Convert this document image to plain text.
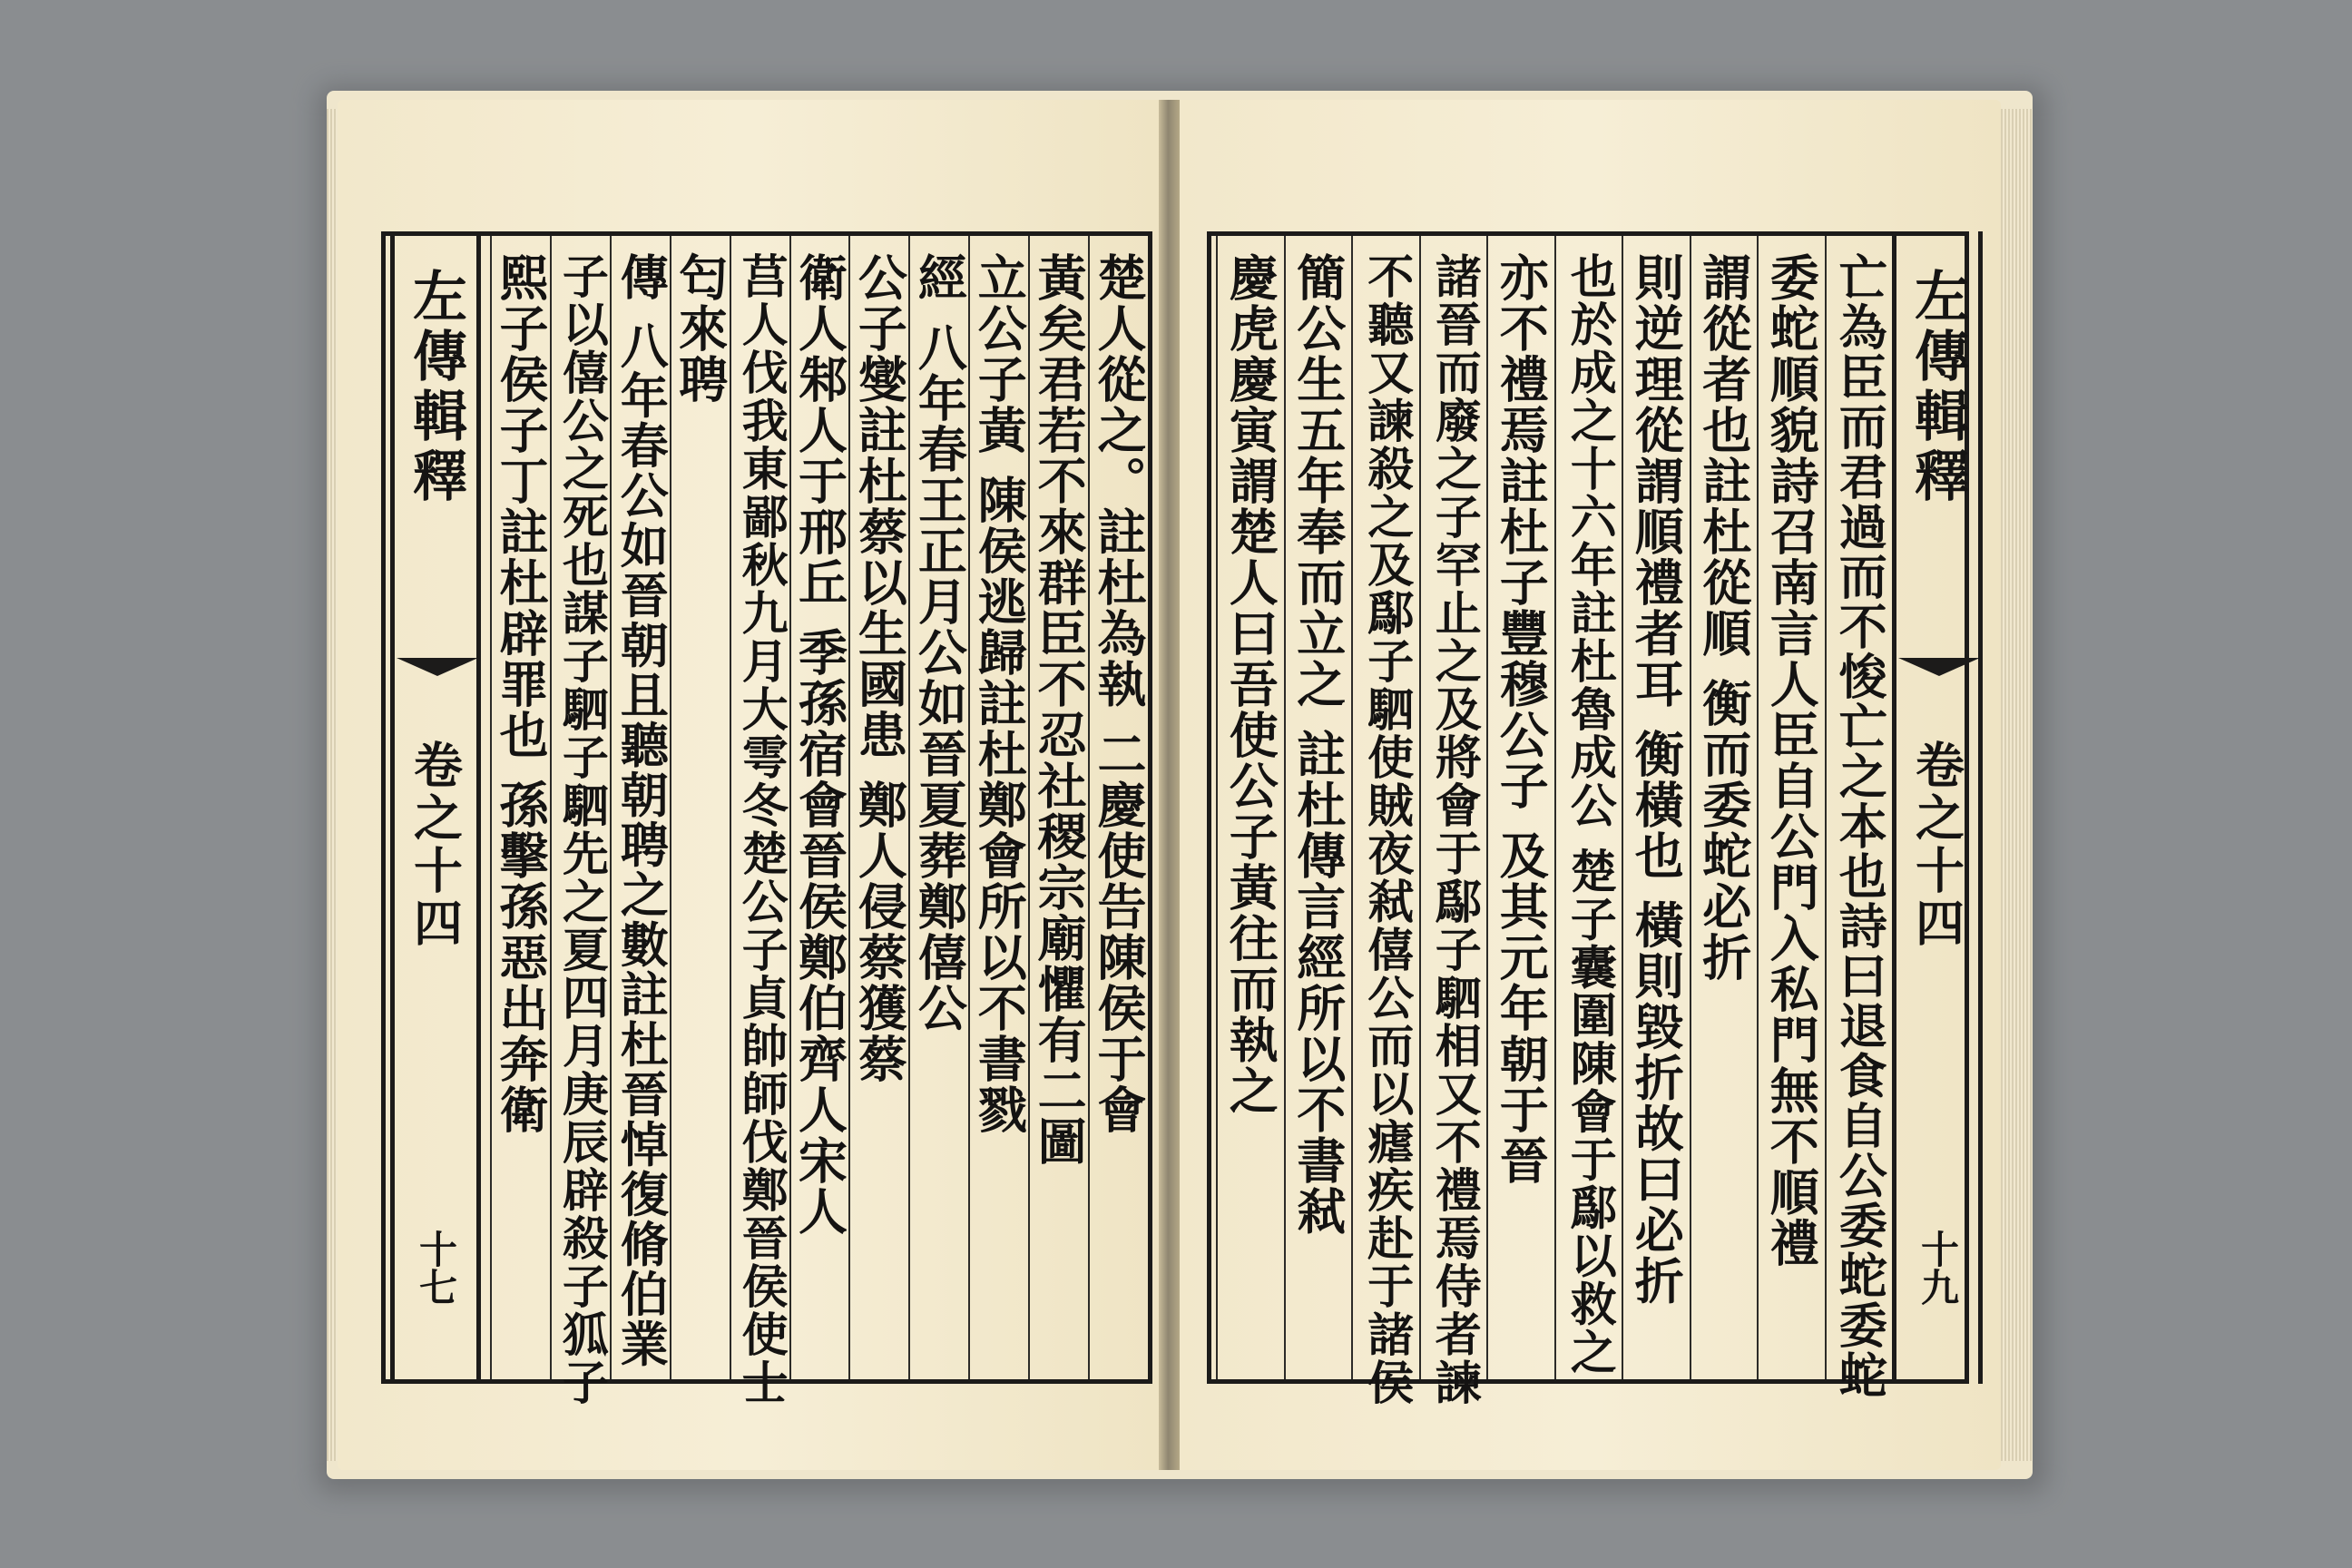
楚人從之。註杜為執 二慶使告陳侯于會
黃矣君若不來群臣不忍社稷宗廟懼有二圖
立公子黃 陳侯逃歸註杜鄭會所以不書戮
經 八年春王正月公如晉夏葬鄭僖公
公子燮註杜蔡以生國患 鄭人侵蔡獲蔡
衛人邾人于邢丘 季孫宿會晉侯鄭伯齊人宋人
莒人伐我東鄙秋九月大雩冬楚公子貞帥師伐鄭晉侯使士
匄來聘
傳 八年春公如晉朝且聽朝聘之數註杜晉悼復脩伯業
子以僖公之死也謀子駟子駟先之夏四月庚辰辟殺子狐子
熙子侯子丁註杜辟罪也 孫擊孫惡出奔衛	亡為臣而君過而不悛亡之本也詩曰退食自公委蛇委蛇
委蛇順貌詩召南言人臣自公門入私門無不順禮
謂從者也註杜從順 衡而委蛇必折
則逆理從謂順禮者耳 衡橫也 橫則毀折故曰必折
也於成之十六年註杜魯成公 楚子囊圍陳會于鄬以救之
亦不禮焉註杜子豐穆公子 及其元年朝于晉
諸晉而廢之子罕止之及將會于鄬子駟相又不禮焉侍者諫
不聽又諫殺之及鄬子駟使賊夜弒僖公而以瘧疾赴于諸侯
簡公生五年奉而立之 註杜傳言經所以不書弒
慶虎慶寅謂楚人曰吾使公子黃往而執之
左傳輯釋
卷之十四
十七
左傳輯釋
卷之十四
十九
